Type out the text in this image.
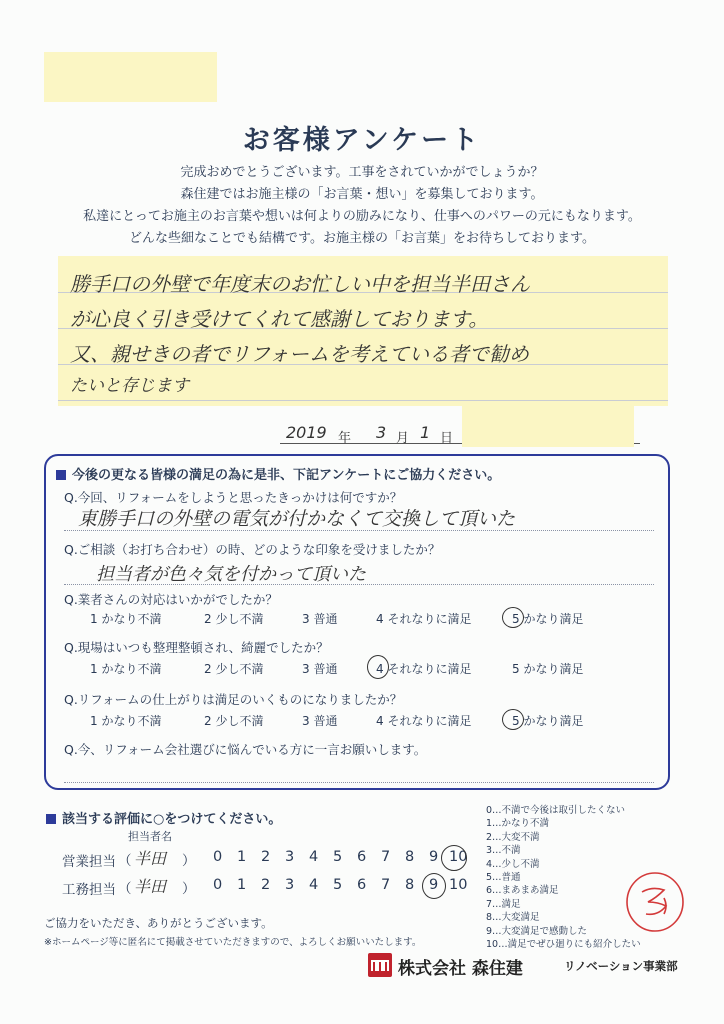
お客様アンケート
完成おめでとうございます。工事をされていかがでしょうか？
森住建ではお施主様の「お言葉・想い」を募集しております。
私達にとってお施主のお言葉や想いは何よりの励みになり、仕事へのパワーの元にもなります。
どんな些細なことでも結構です。お施主様の「お言葉」をお待ちしております。
勝手口の外壁で年度末のお忙しい中を担当半田さん
が心良く引き受けてくれて感謝しております。
又、親せきの者でリフォームを考えている者で勧め
たいと存じます
2019 年 3 月 1 日
今後の更なる皆様の満足の為に是非、下記アンケートにご協力ください。
Q.今回、リフォームをしようと思ったきっかけは何ですか？
東勝手口の外壁の電気が付かなくて交換して頂いた
Q.ご相談（お打ち合わせ）の時、どのような印象を受けましたか？
担当者が色々気を付かって頂いた
Q.業者さんの対応はいかがでしたか？
1 かなり不満	2 少し不満	3 普通	4 それなりに満足	5 かなり満足
Q.現場はいつも整理整頓され、綺麗でしたか？
1 かなり不満	2 少し不満	3 普通	4 それなりに満足	5 かなり満足
Q.リフォームの仕上がりは満足のいくものになりましたか？
1 かなり不満	2 少し不満	3 普通	4 それなりに満足	5 かなり満足
Q.今、リフォーム会社選びに悩んでいる方に一言お願いします。
該当する評価に○をつけてください。
担当者名
営業担当 （ 半田 ） 0 1 2 3 4 5 6 7 8 9 10
工務担当 （ 半田 ） 0 1 2 3 4 5 6 7 8 9 10
0…不満で今後は取引したくない
1…かなり不満
2…大変不満
3…不満
4…少し不満
5…普通
6…まあまあ満足
7…満足
8…大変満足
9…大変満足で感動した
10…満足でぜひ廻りにも紹介したい
ご協力をいただき、ありがとうございます。
※ホームページ等に匿名にて掲載させていただきますので、よろしくお願いいたします。
株式会社 森住建	リノベーション事業部
